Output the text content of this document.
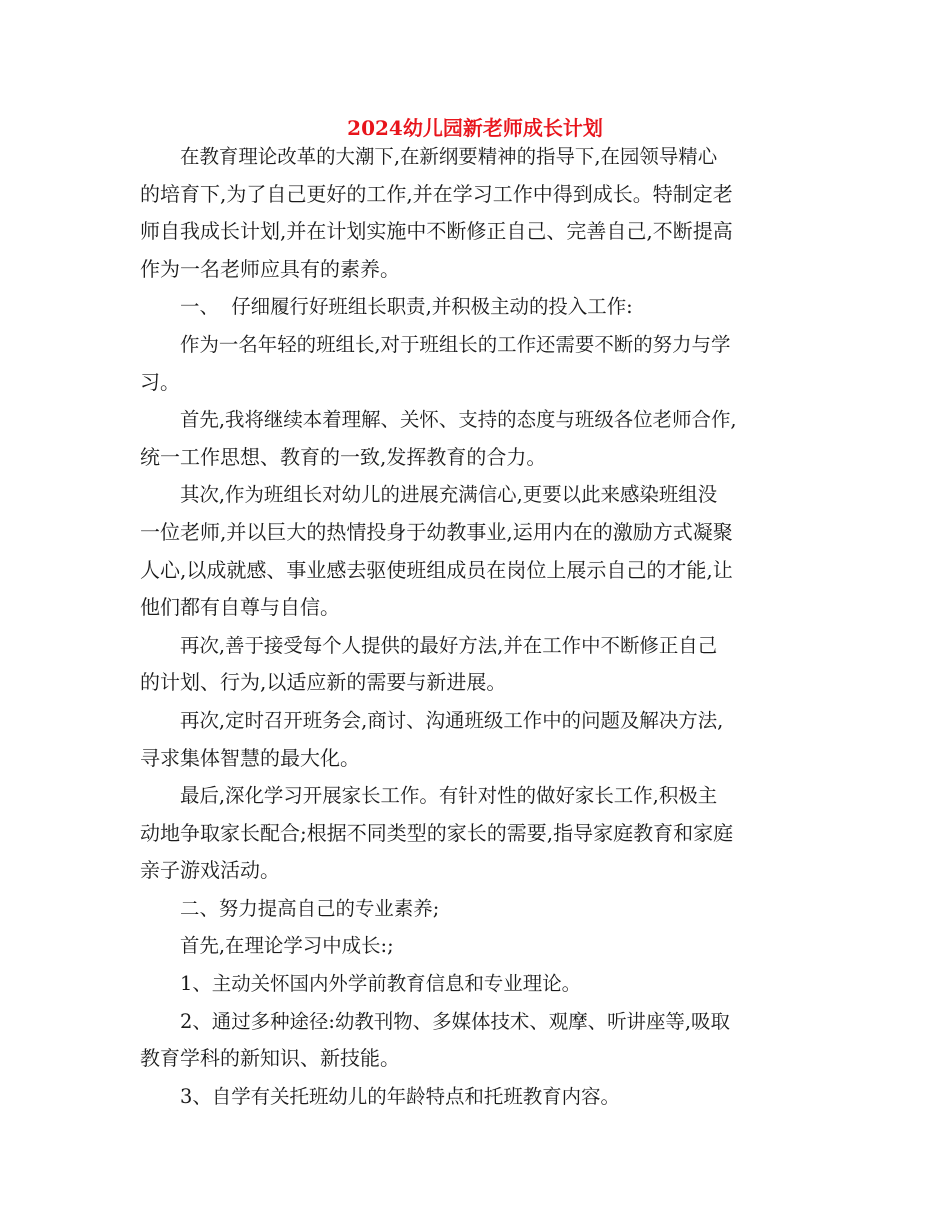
2024幼儿园新老师成长计划

在教育理论改革的大潮下,在新纲要精神的指导下,在园领导精心
的培育下,为了自己更好的工作,并在学习工作中得到成长。特制定老
师自我成长计划,并在计划实施中不断修正自己、完善自己,不断提高
作为一名老师应具有的素养。

一、  仔细履行好班组长职责,并积极主动的投入工作:

作为一名年轻的班组长,对于班组长的工作还需要不断的努力与学
习。

首先,我将继续本着理解、关怀、支持的态度与班级各位老师合作,
统一工作思想、教育的一致,发挥教育的合力。

其次,作为班组长对幼儿的进展充满信心,更要以此来感染班组没
一位老师,并以巨大的热情投身于幼教事业,运用内在的激励方式凝聚
人心,以成就感、事业感去驱使班组成员在岗位上展示自己的才能,让
他们都有自尊与自信。

再次,善于接受每个人提供的最好方法,并在工作中不断修正自己
的计划、行为,以适应新的需要与新进展。

再次,定时召开班务会,商讨、沟通班级工作中的问题及解决方法,
寻求集体智慧的最大化。

最后,深化学习开展家长工作。有针对性的做好家长工作,积极主
动地争取家长配合;根据不同类型的家长的需要,指导家庭教育和家庭
亲子游戏活动。

二、努力提高自己的专业素养;

首先,在理论学习中成长:;

1、主动关怀国内外学前教育信息和专业理论。

2、通过多种途径:幼教刊物、多媒体技术、观摩、听讲座等,吸取
教育学科的新知识、新技能。

3、自学有关托班幼儿的年龄特点和托班教育内容。
